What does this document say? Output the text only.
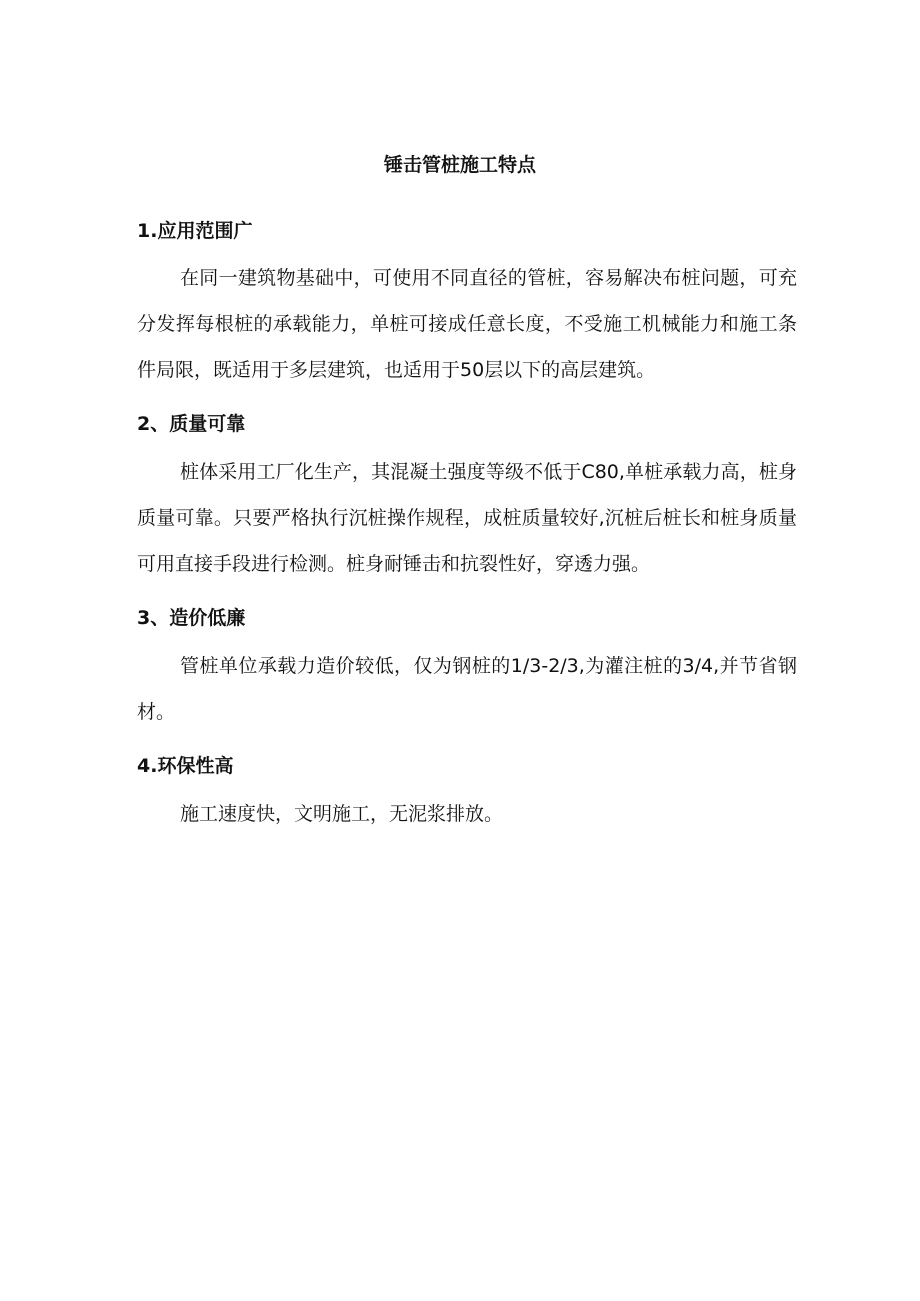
锤击管桩施工特点
1.应用范围广
在同一建筑物基础中，可使用不同直径的管桩，容易解决布桩问题，可充分发挥每根桩的承载能力，单桩可接成任意长度，不受施工机械能力和施工条件局限，既适用于多层建筑，也适用于50层以下的高层建筑。
2、质量可靠
桩体采用工厂化生产，其混凝土强度等级不低于C80,单桩承载力高，桩身质量可靠。只要严格执行沉桩操作规程，成桩质量较好,沉桩后桩长和桩身质量可用直接手段进行检测。桩身耐锤击和抗裂性好，穿透力强。
3、造价低廉
管桩单位承载力造价较低，仅为钢桩的1/3-2/3,为灌注桩的3/4,并节省钢材。
4.环保性高
施工速度快，文明施工，无泥浆排放。
